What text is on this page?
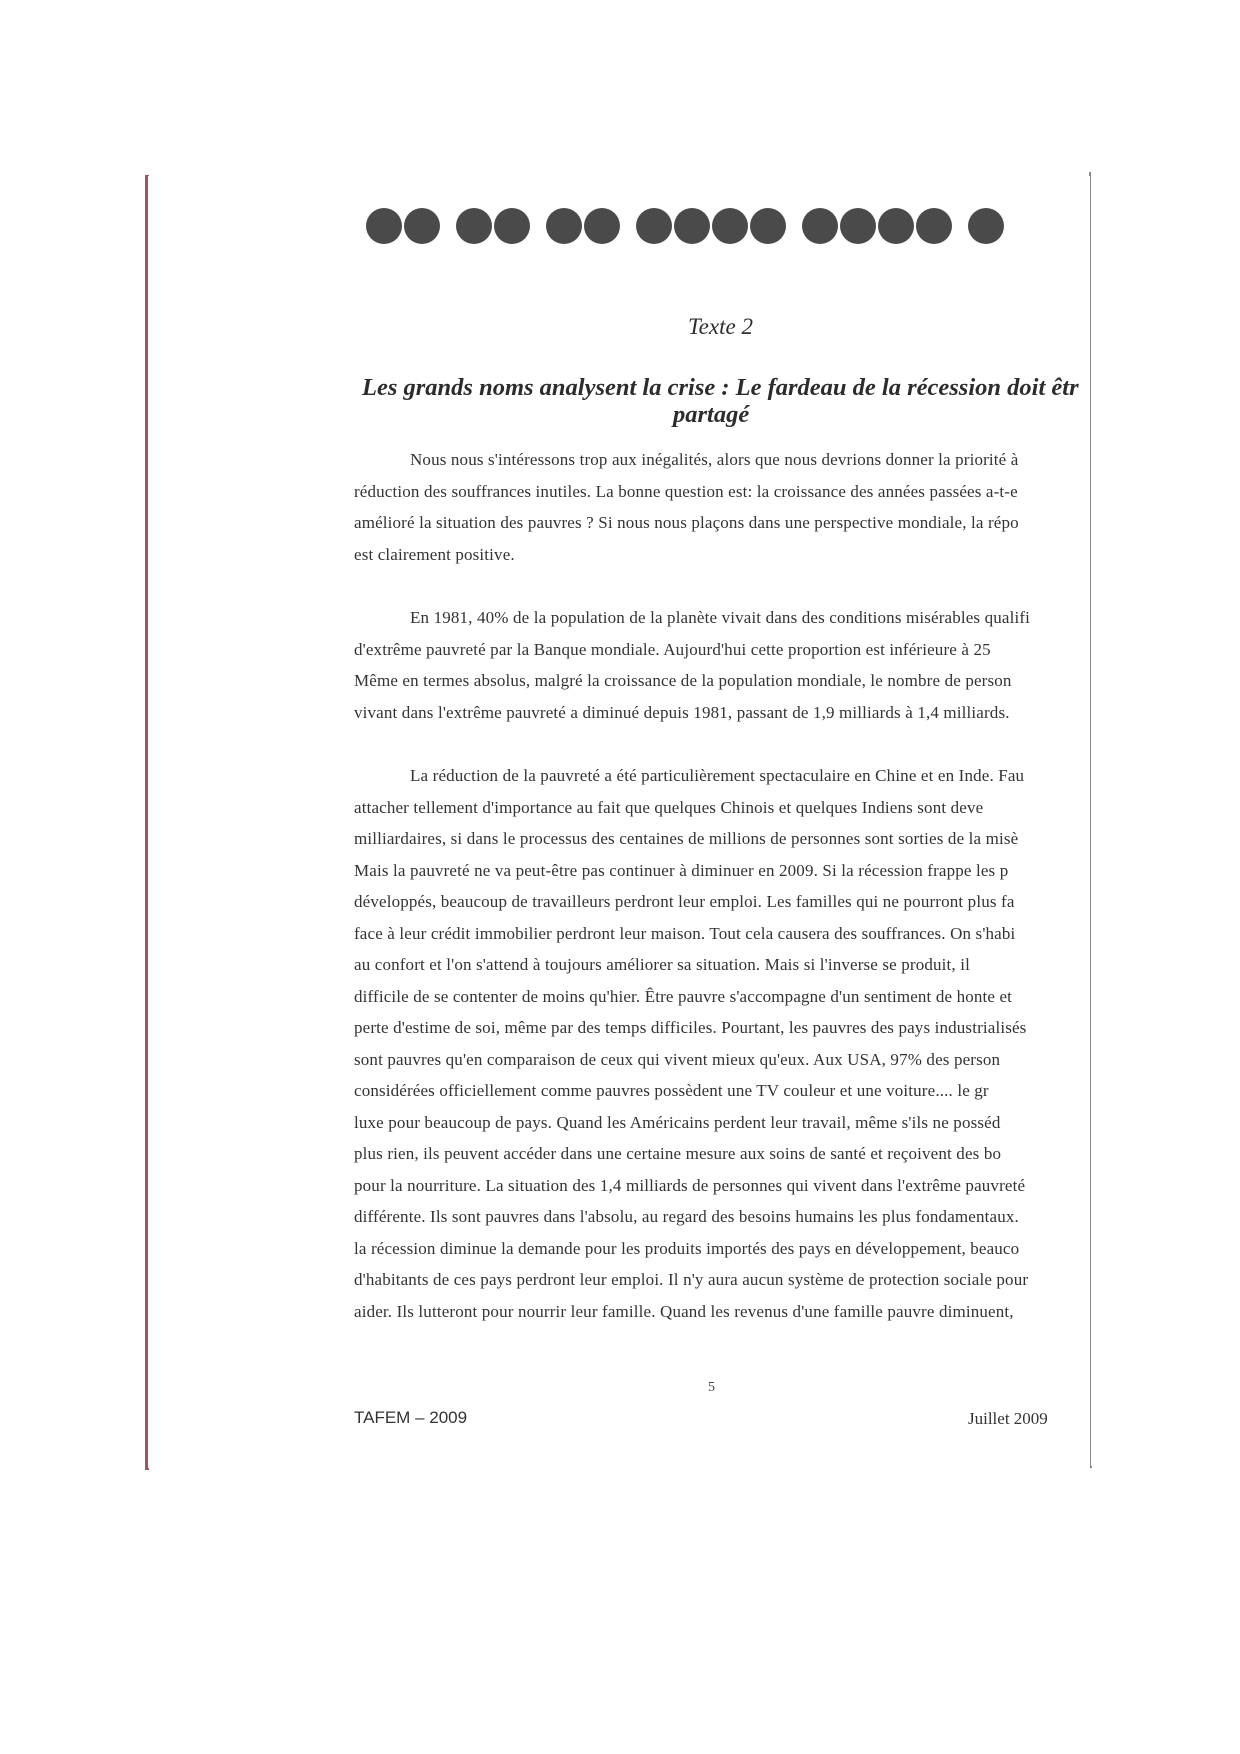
Texte 2
Les grands noms analysent la crise : Le fardeau de la récession doit êtr
partagé
Nous nous s'intéressons trop aux inégalités, alors que nous devrions donner la priorité à
réduction des souffrances inutiles. La bonne question est: la croissance des années passées a-t-e
amélioré la situation des pauvres ? Si nous nous plaçons dans une perspective mondiale, la répo
est clairement positive.
En 1981, 40% de la population de la planète vivait dans des conditions misérables qualifi
d'extrême pauvreté par la Banque mondiale. Aujourd'hui cette proportion est inférieure à 25
Même en termes absolus, malgré la croissance de la population mondiale, le nombre de person
vivant dans l'extrême pauvreté a diminué depuis 1981, passant de 1,9 milliards à 1,4 milliards.
La réduction de la pauvreté a été particulièrement spectaculaire en Chine et en Inde. Fau
attacher tellement d'importance au fait que quelques Chinois et quelques Indiens sont deve
milliardaires, si dans le processus des centaines de millions de personnes sont sorties de la misè
Mais la pauvreté ne va peut-être pas continuer à diminuer en 2009. Si la récession frappe les p
développés, beaucoup de travailleurs perdront leur emploi. Les familles qui ne pourront plus fa
face à leur crédit immobilier perdront leur maison. Tout cela causera des souffrances. On s'habi
au confort et l'on s'attend à toujours améliorer sa situation. Mais si l'inverse se produit, il
difficile de se contenter de moins qu'hier. Être pauvre s'accompagne d'un sentiment de honte et
perte d'estime de soi, même par des temps difficiles. Pourtant, les pauvres des pays industrialisés
sont pauvres qu'en comparaison de ceux qui vivent mieux qu'eux. Aux USA, 97% des person
considérées officiellement comme pauvres possèdent une TV couleur et une voiture.... le gr
luxe pour beaucoup de pays. Quand les Américains perdent leur travail, même s'ils ne posséd
plus rien, ils peuvent accéder dans une certaine mesure aux soins de santé et reçoivent des bo
pour la nourriture. La situation des 1,4 milliards de personnes qui vivent dans l'extrême pauvreté
différente. Ils sont pauvres dans l'absolu, au regard des besoins humains les plus fondamentaux.
la récession diminue la demande pour les produits importés des pays en développement, beauco
d'habitants de ces pays perdront leur emploi. Il n'y aura aucun système de protection sociale pour
aider. Ils lutteront pour nourrir leur famille. Quand les revenus d'une famille pauvre diminuent,
5
TAFEM – 2009	Juillet 2009
